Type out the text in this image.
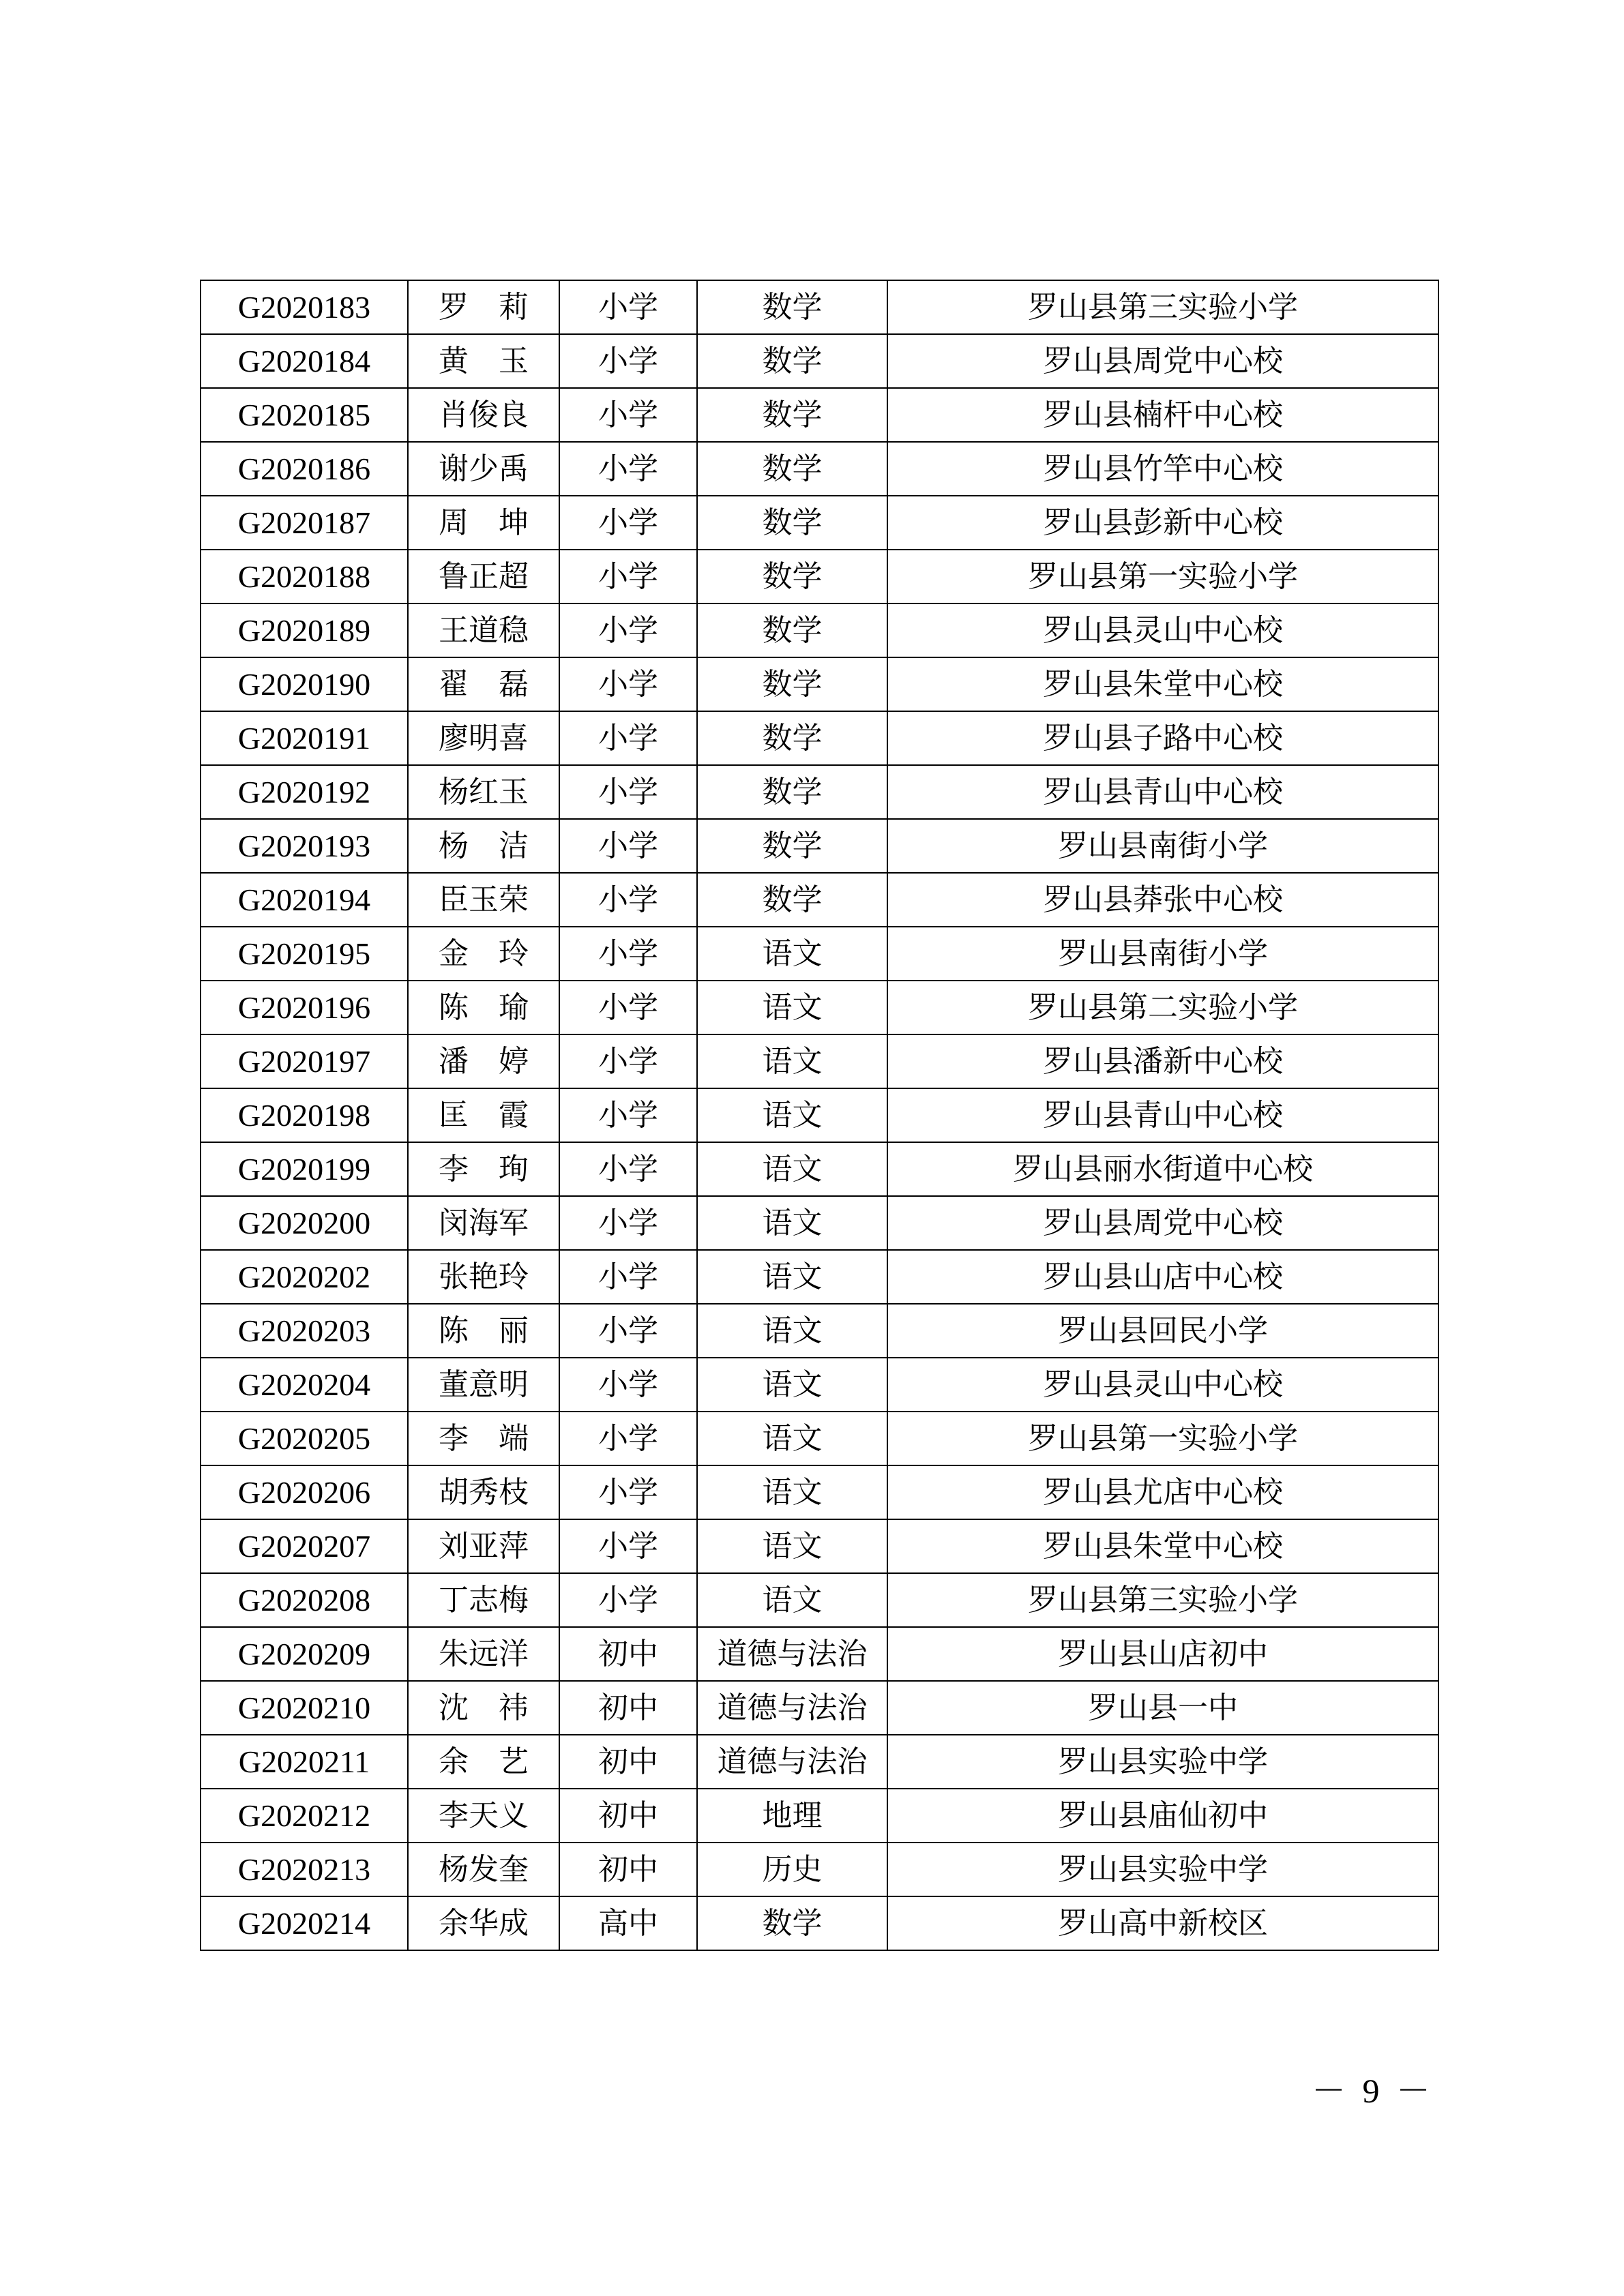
G2020183	罗　莉	小学	数学	罗山县第三实验小学
G2020184	黄　玉	小学	数学	罗山县周党中心校
G2020185	肖俊良	小学	数学	罗山县楠杆中心校
G2020186	谢少禹	小学	数学	罗山县竹竿中心校
G2020187	周　坤	小学	数学	罗山县彭新中心校
G2020188	鲁正超	小学	数学	罗山县第一实验小学
G2020189	王道稳	小学	数学	罗山县灵山中心校
G2020190	翟　磊	小学	数学	罗山县朱堂中心校
G2020191	廖明喜	小学	数学	罗山县子路中心校
G2020192	杨红玉	小学	数学	罗山县青山中心校
G2020193	杨　洁	小学	数学	罗山县南街小学
G2020194	臣玉荣	小学	数学	罗山县莽张中心校
G2020195	金　玲	小学	语文	罗山县南街小学
G2020196	陈　瑜	小学	语文	罗山县第二实验小学
G2020197	潘　婷	小学	语文	罗山县潘新中心校
G2020198	匡　霞	小学	语文	罗山县青山中心校
G2020199	李　珣	小学	语文	罗山县丽水街道中心校
G2020200	闵海军	小学	语文	罗山县周党中心校
G2020202	张艳玲	小学	语文	罗山县山店中心校
G2020203	陈　丽	小学	语文	罗山县回民小学
G2020204	董意明	小学	语文	罗山县灵山中心校
G2020205	李　端	小学	语文	罗山县第一实验小学
G2020206	胡秀枝	小学	语文	罗山县尤店中心校
G2020207	刘亚萍	小学	语文	罗山县朱堂中心校
G2020208	丁志梅	小学	语文	罗山县第三实验小学
G2020209	朱远洋	初中	道德与法治	罗山县山店初中
G2020210	沈　祎	初中	道德与法治	罗山县一中
G2020211	余　艺	初中	道德与法治	罗山县实验中学
G2020212	李天义	初中	地理	罗山县庙仙初中
G2020213	杨发奎	初中	历史	罗山县实验中学
G2020214	余华成	高中	数学	罗山高中新校区
－ 9 －
